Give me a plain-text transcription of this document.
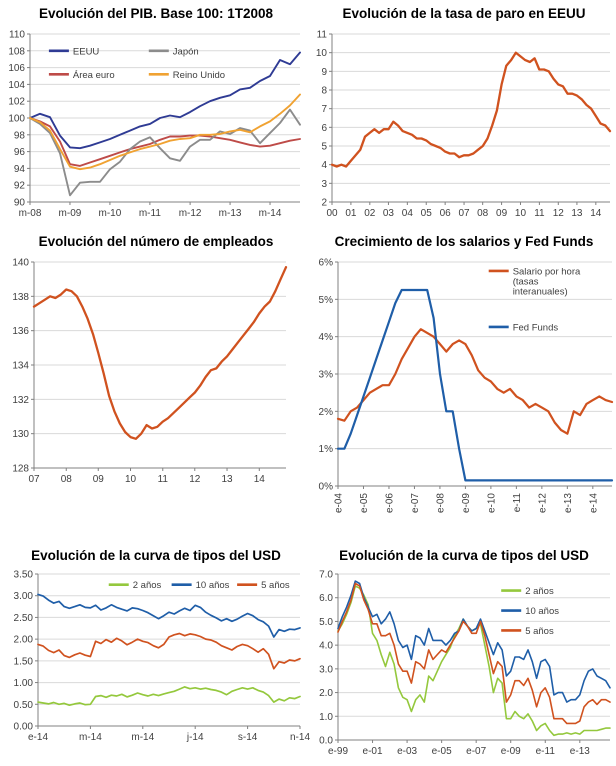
Evolución del PIB. Base 100: 1T2008
90
92
94
96
98
100
102
104
106
108
110
m-08 m-09 m-10 m-11 m-12 m-13 m-14
EEUU	Japón
Área euro	Reino Unido
Evolución de la tasa de paro en EEUU
2
3
4
5
6
7
8
9
10
11
00 01 02 03 04 05 06 07 08 09 10 11 12 13 14
Evolución del número de empleados
128
130
132
134
136
138
140
07 08 09 10 11 12 13 14
Crecimiento de los salarios y Fed Funds
0%
1%
2%
3%
4%
5%
6%
e-04 e-05 e-06 e-07 e-08 e-09 e-10 e-11 e-12 e-13 e-14
Salario por hora
(tasas
interanuales)
Fed Funds
Evolución de la curva de tipos del USD
0.00
0.50
1.00
1.50
2.00
2.50
3.00
3.50
e-14	m-14	m-14	j-14	s-14	n-14
2 años	10 años	5 años
Evolución de la curva de tipos del USD
0.0
1.0
2.0
3.0
4.0
5.0
6.0
7.0
e-99 e-01 e-03 e-05 e-07 e-09 e-11 e-13
2 años
10 años
5 años
